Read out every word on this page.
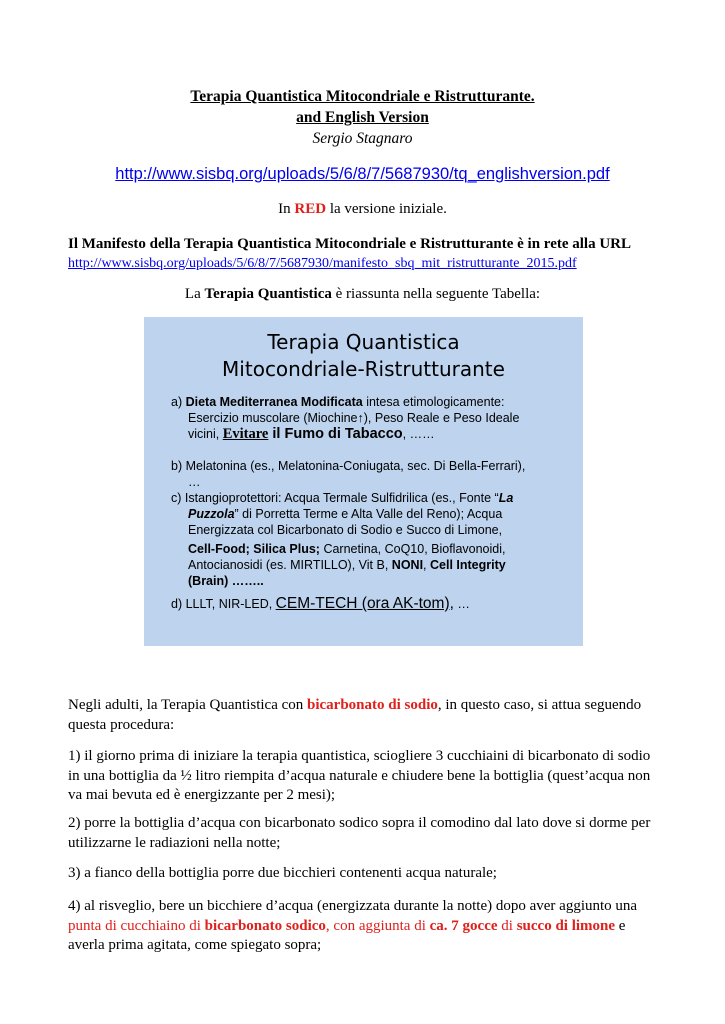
Terapia Quantistica Mitocondriale e Ristrutturante.
and English Version
Sergio Stagnaro
http://www.sisbq.org/uploads/5/6/8/7/5687930/tq_englishversion.pdf
In RED la versione iniziale.
Il Manifesto della Terapia Quantistica Mitocondriale e Ristrutturante è in rete alla URL
http://www.sisbq.org/uploads/5/6/8/7/5687930/manifesto_sbq_mit_ristrutturante_2015.pdf
La Terapia Quantistica è riassunta nella seguente Tabella:
Terapia Quantistica
Mitocondriale-Ristrutturante
a) Dieta Mediterranea Modificata intesa etimologicamente:
Esercizio muscolare (Miochine↑), Peso Reale e Peso Ideale
vicini, Evitare il Fumo di Tabacco, ……
b) Melatonina (es., Melatonina-Coniugata, sec. Di Bella-Ferrari),
…
c) Istangioprotettori: Acqua Termale Sulfidrilica (es., Fonte “La
Puzzola” di Porretta Terme e Alta Valle del Reno); Acqua
Energizzata col Bicarbonato di Sodio e Succo di Limone,
Cell-Food; Silica Plus; Carnetina, CoQ10, Bioflavonoidi,
Antocianosidi (es. MIRTILLO), Vit B, NONI, Cell Integrity
(Brain) ……..
d) LLLT, NIR-LED, CEM-TECH (ora AK-tom), …
Negli adulti, la Terapia Quantistica con bicarbonato di sodio, in questo caso, si attua seguendo questa procedura:
1) il giorno prima di iniziare la terapia quantistica, sciogliere 3 cucchiaini di bicarbonato di sodio in una bottiglia da ½ litro riempita d’acqua naturale e chiudere bene la bottiglia (quest’acqua non va mai bevuta ed è energizzante per 2 mesi);
2) porre la bottiglia d’acqua con bicarbonato sodico sopra il comodino dal lato dove si dorme per utilizzarne le radiazioni nella notte;
3) a fianco della bottiglia porre due bicchieri contenenti acqua naturale;
4) al risveglio, bere un bicchiere d’acqua (energizzata durante la notte) dopo aver aggiunto una punta di cucchiaino di bicarbonato sodico, con aggiunta di ca. 7 gocce di succo di limone e averla prima agitata, come spiegato sopra;
